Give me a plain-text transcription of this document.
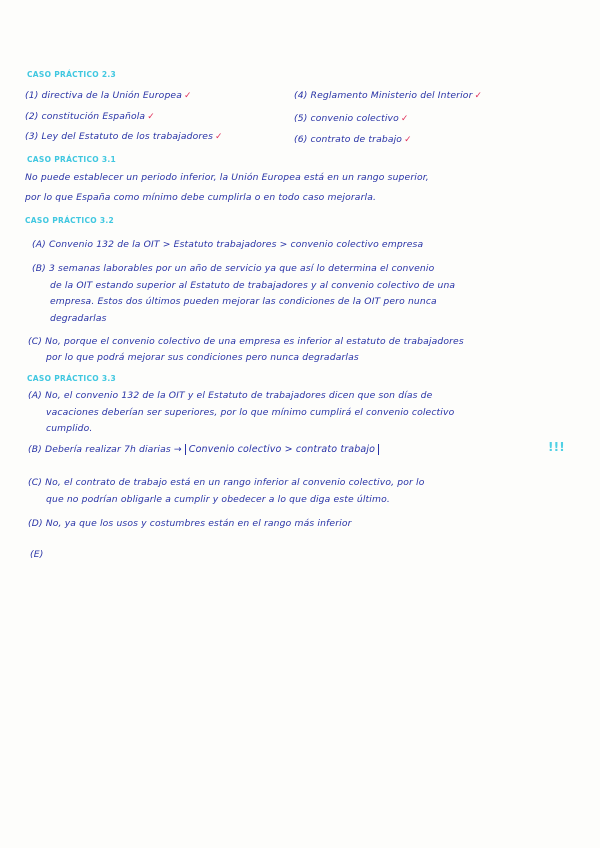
CASO PRÁCTICO 2.3
(1) directiva de la Unión Europea ✓
(2) constitución Española ✓
(3) Ley del Estatuto de los trabajadores ✓
(4) Reglamento Ministerio del Interior ✓
(5) convenio colectivo ✓
(6) contrato de trabajo ✓
CASO PRÁCTICO 3.1
No puede establecer un periodo inferior, la Unión Europea está en un rango superior,
por lo que España como mínimo debe cumplirla o en todo caso mejorarla.
CASO PRÁCTICO 3.2
(A) Convenio 132 de la OIT > Estatuto trabajadores > convenio colectivo empresa
(B) 3 semanas laborables por un año de servicio ya que así lo determina el convenio
de la OIT estando superior al Estatuto de trabajadores y al convenio colectivo de una
empresa. Estos dos últimos pueden mejorar las condiciones de la OIT pero nunca
degradarlas
(C) No, porque el convenio colectivo de una empresa es inferior al estatuto de trabajadores
por lo que podrá mejorar sus condiciones pero nunca degradarlas
CASO PRÁCTICO 3.3
(A) No, el convenio 132 de la OIT y el Estatuto de trabajadores dicen que son días de
vacaciones deberían ser superiores, por lo que mínimo cumplirá el convenio colectivo
cumplido.
(B) Debería realizar 7h diarias → Convenio colectivo > contrato trabajo	!!!
(C) No, el contrato de trabajo está en un rango inferior al convenio colectivo, por lo
que no podrían obligarle a cumplir y obedecer a lo que diga este último.
(D) No, ya que los usos y costumbres están en el rango más inferior
(E)
